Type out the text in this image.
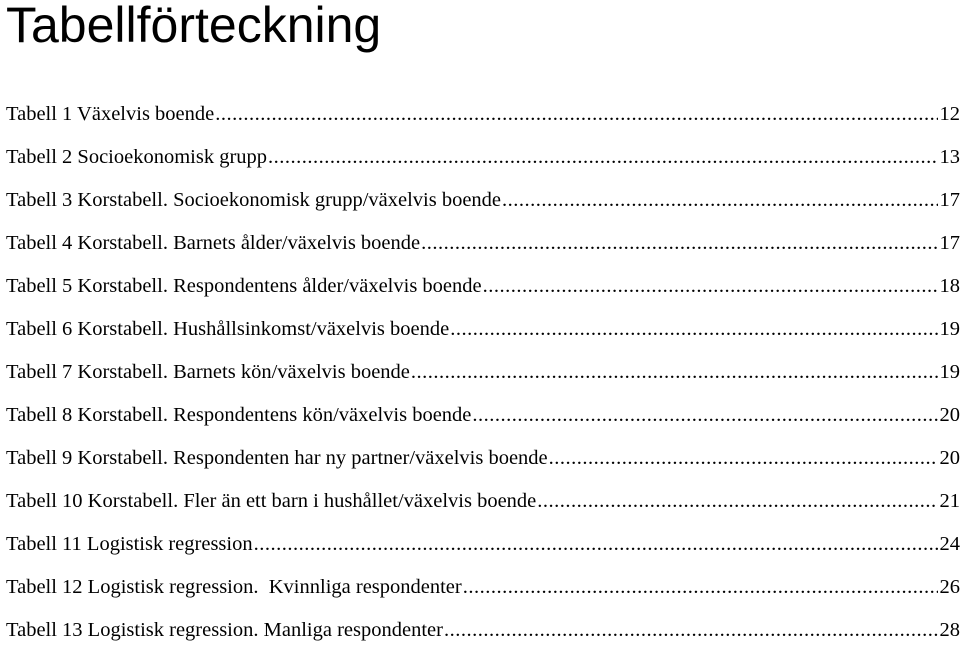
Tabellförteckning
Tabell 1 Växelvis boende .....	12
Tabell 2 Socioekonomisk grupp .....	13
Tabell 3 Korstabell. Socioekonomisk grupp/växelvis boende .....	17
Tabell 4 Korstabell. Barnets ålder/växelvis boende .....	17
Tabell 5 Korstabell. Respondentens ålder/växelvis boende .....	18
Tabell 6 Korstabell. Hushållsinkomst/växelvis boende .....	19
Tabell 7 Korstabell. Barnets kön/växelvis boende .....	19
Tabell 8 Korstabell. Respondentens kön/växelvis boende .....	20
Tabell 9 Korstabell. Respondenten har ny partner/växelvis boende .....	20
Tabell 10 Korstabell. Fler än ett barn i hushållet/växelvis boende .....	21
Tabell 11 Logistisk regression .....	24
Tabell 12 Logistisk regression.  Kvinnliga respondenter .....	26
Tabell 13 Logistisk regression. Manliga respondenter .....	28
